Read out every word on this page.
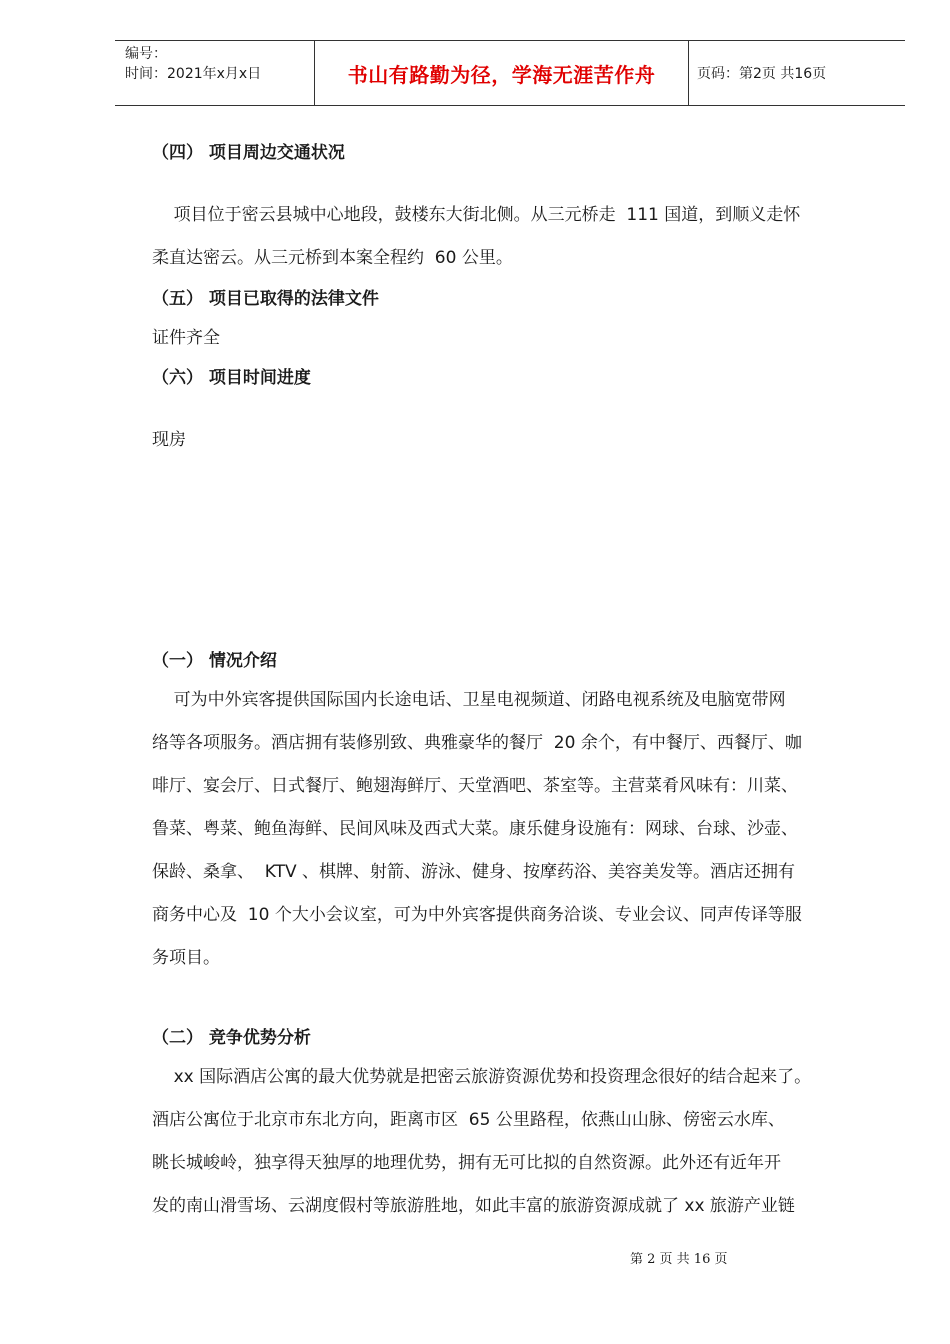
编号：
时间：2021年x月x日	书山有路勤为径，学海无涯苦作舟	页码：第2页 共16页
（四） 项目周边交通状况
项目位于密云县城中心地段，鼓楼东大街北侧。从三元桥走  111 国道，到顺义走怀
柔直达密云。从三元桥到本案全程约  60 公里。
（五） 项目已取得的法律文件
证件齐全
（六） 项目时间进度
现房
（一） 情况介绍
可为中外宾客提供国际国内长途电话、卫星电视频道、闭路电视系统及电脑宽带网
络等各项服务。酒店拥有装修别致、典雅豪华的餐厅  20 余个，有中餐厅、西餐厅、咖
啡厅、宴会厅、日式餐厅、鲍翅海鲜厅、天堂酒吧、茶室等。主营菜肴风味有：川菜、
鲁菜、粤菜、鲍鱼海鲜、民间风味及西式大菜。康乐健身设施有：网球、台球、沙壶、
保龄、桑拿、  KTV 、棋牌、射箭、游泳、健身、按摩药浴、美容美发等。酒店还拥有
商务中心及  10 个大小会议室，可为中外宾客提供商务洽谈、专业会议、同声传译等服
务项目。
（二） 竞争优势分析
xx 国际酒店公寓的最大优势就是把密云旅游资源优势和投资理念很好的结合起来了。
酒店公寓位于北京市东北方向，距离市区  65 公里路程，依燕山山脉、傍密云水库、
眺长城峻岭，独享得天独厚的地理优势，拥有无可比拟的自然资源。此外还有近年开
发的南山滑雪场、云湖度假村等旅游胜地，如此丰富的旅游资源成就了 xx 旅游产业链
第 2 页 共 16 页
